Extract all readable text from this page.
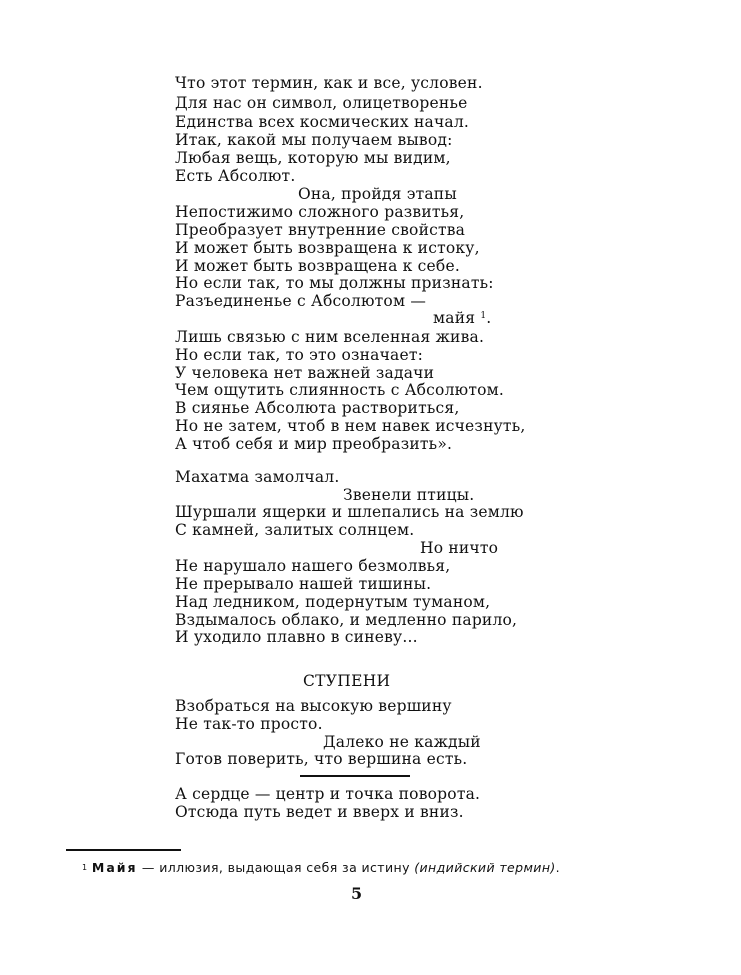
Что этот термин, как и все, условен.
Для нас он символ, олицетворенье
Единства всех космических начал.
Итак, какой мы получаем вывод:
Любая вещь, которую мы видим,
Есть Абсолют.
Она, пройдя этапы
Непостижимо сложного развитья,
Преобразует внутренние свойства
И может быть возвращена к истоку,
И может быть возвращена к себе.
Но если так, то мы должны признать:
Разъединенье с Абсолютом —
майя $^1$.
Лишь связью с ним вселенная жива.
Но если так, то это означает:
У человека нет важней задачи
Чем ощутить слиянность с Абсолютом.
В сиянье Абсолюта раствориться,
Но не затем, чтоб в нем навек исчезнуть,
А чтоб себя и мир преобразить».
Махатма замолчал.
Звенели птицы.
Шуршали ящерки и шлепались на землю
С камней, залитых солнцем.
Но ничто
Не нарушало нашего безмолвья,
Не прерывало нашей тишины.
Над ледником, подернутым туманом,
Вздымалось облако, и медленно парило,
И уходило плавно в синеву...
СТУПЕНИ
Взобраться на высокую вершину
Не так-то просто.
Далеко не каждый
Готов поверить, что вершина есть.
А сердце — центр и точка поворота.
Отсюда путь ведет и вверх и вниз.
$^1$ Майя — иллюзия, выдающая себя за истину (индийский термин).
5
